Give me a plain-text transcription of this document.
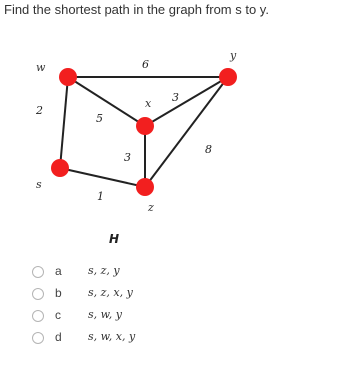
Find the shortest path in the graph from s to y.
w
y
x
s
z
6
2
5
3
3
1
8
H
a s, z, y
b s, z, x, y
c s, w, y
d s, w, x, y
